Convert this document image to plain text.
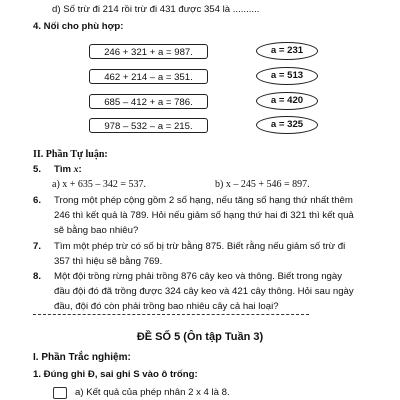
d) Số trừ đi 214 rồi trừ đi 431 được 354 là ..........
4. Nối cho phù hợp:
246 + 321 + a = 987.
462 + 214 – a = 351.
685 – 412 + a = 786.
978 – 532 – a = 215.
a = 231
a = 513
a = 420
a = 325
II. Phần Tự luận:
5. Tìm x:
a) x + 635 – 342 = 537.	b) x – 245 + 546 = 897.
6. Trong một phép cộng gồm 2 số hạng, nếu tăng số hạng thứ nhất thêm
246 thì kết quả là 789. Hỏi nếu giảm số hạng thứ hai đi 321 thì kết quả
sẽ bằng bao nhiêu?
7. Tìm một phép trừ có số bị trừ bằng 875. Biết rằng nếu giảm số trừ đi
357 thì hiệu sẽ bằng 769.
8. Một đội trồng rừng phải trồng 876 cây keo và thông. Biết trong ngày
đầu đội đó đã trồng được 324 cây keo và 421 cây thông. Hỏi sau ngày
đầu, đội đó còn phải trồng bao nhiêu cây cả hai loại?
ĐỀ SỐ 5 (Ôn tập Tuần 3)
I. Phần Trắc nghiệm:
1. Đúng ghi Đ, sai ghi S vào ô trống:
a) Kết quả của phép nhân 2 x 4 là 8.
